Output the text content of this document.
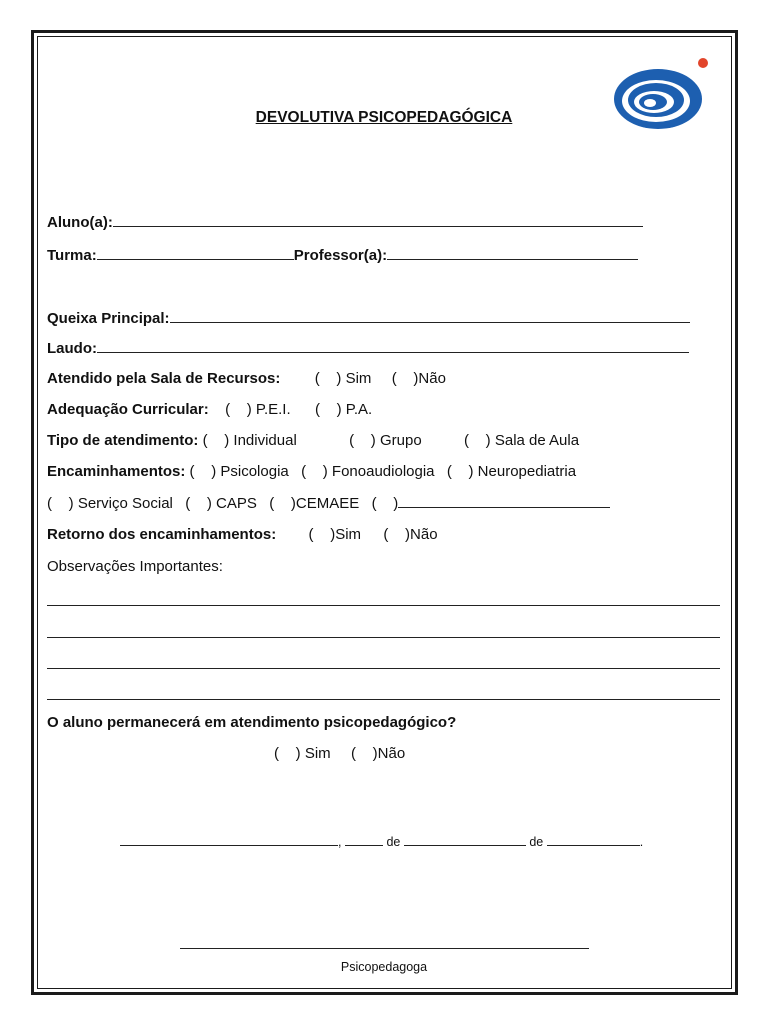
DEVOLUTIVA PSICOPEDAGÓGICA
Aluno(a):
Turma:	Professor(a):
Queixa Principal:
Laudo:
Atendido pela Sala de Recursos: (    ) Sim (    )Não
Adequação Curricular: (    ) P.E.I. (    ) P.A.
Tipo de atendimento: (    ) Individual	(    ) Grupo	(    ) Sala de Aula
Encaminhamentos: (    ) Psicologia (    ) Fonoaudiologia (    ) Neuropediatria
(    ) Serviço Social (    ) CAPS (    )CEMAEE (    )
Retorno dos encaminhamentos: (    )Sim (    )Não
Observações Importantes:
O aluno permanecerá em atendimento psicopedagógico?
(    ) Sim (    )Não
,	de	de	.
Psicopedagoga
